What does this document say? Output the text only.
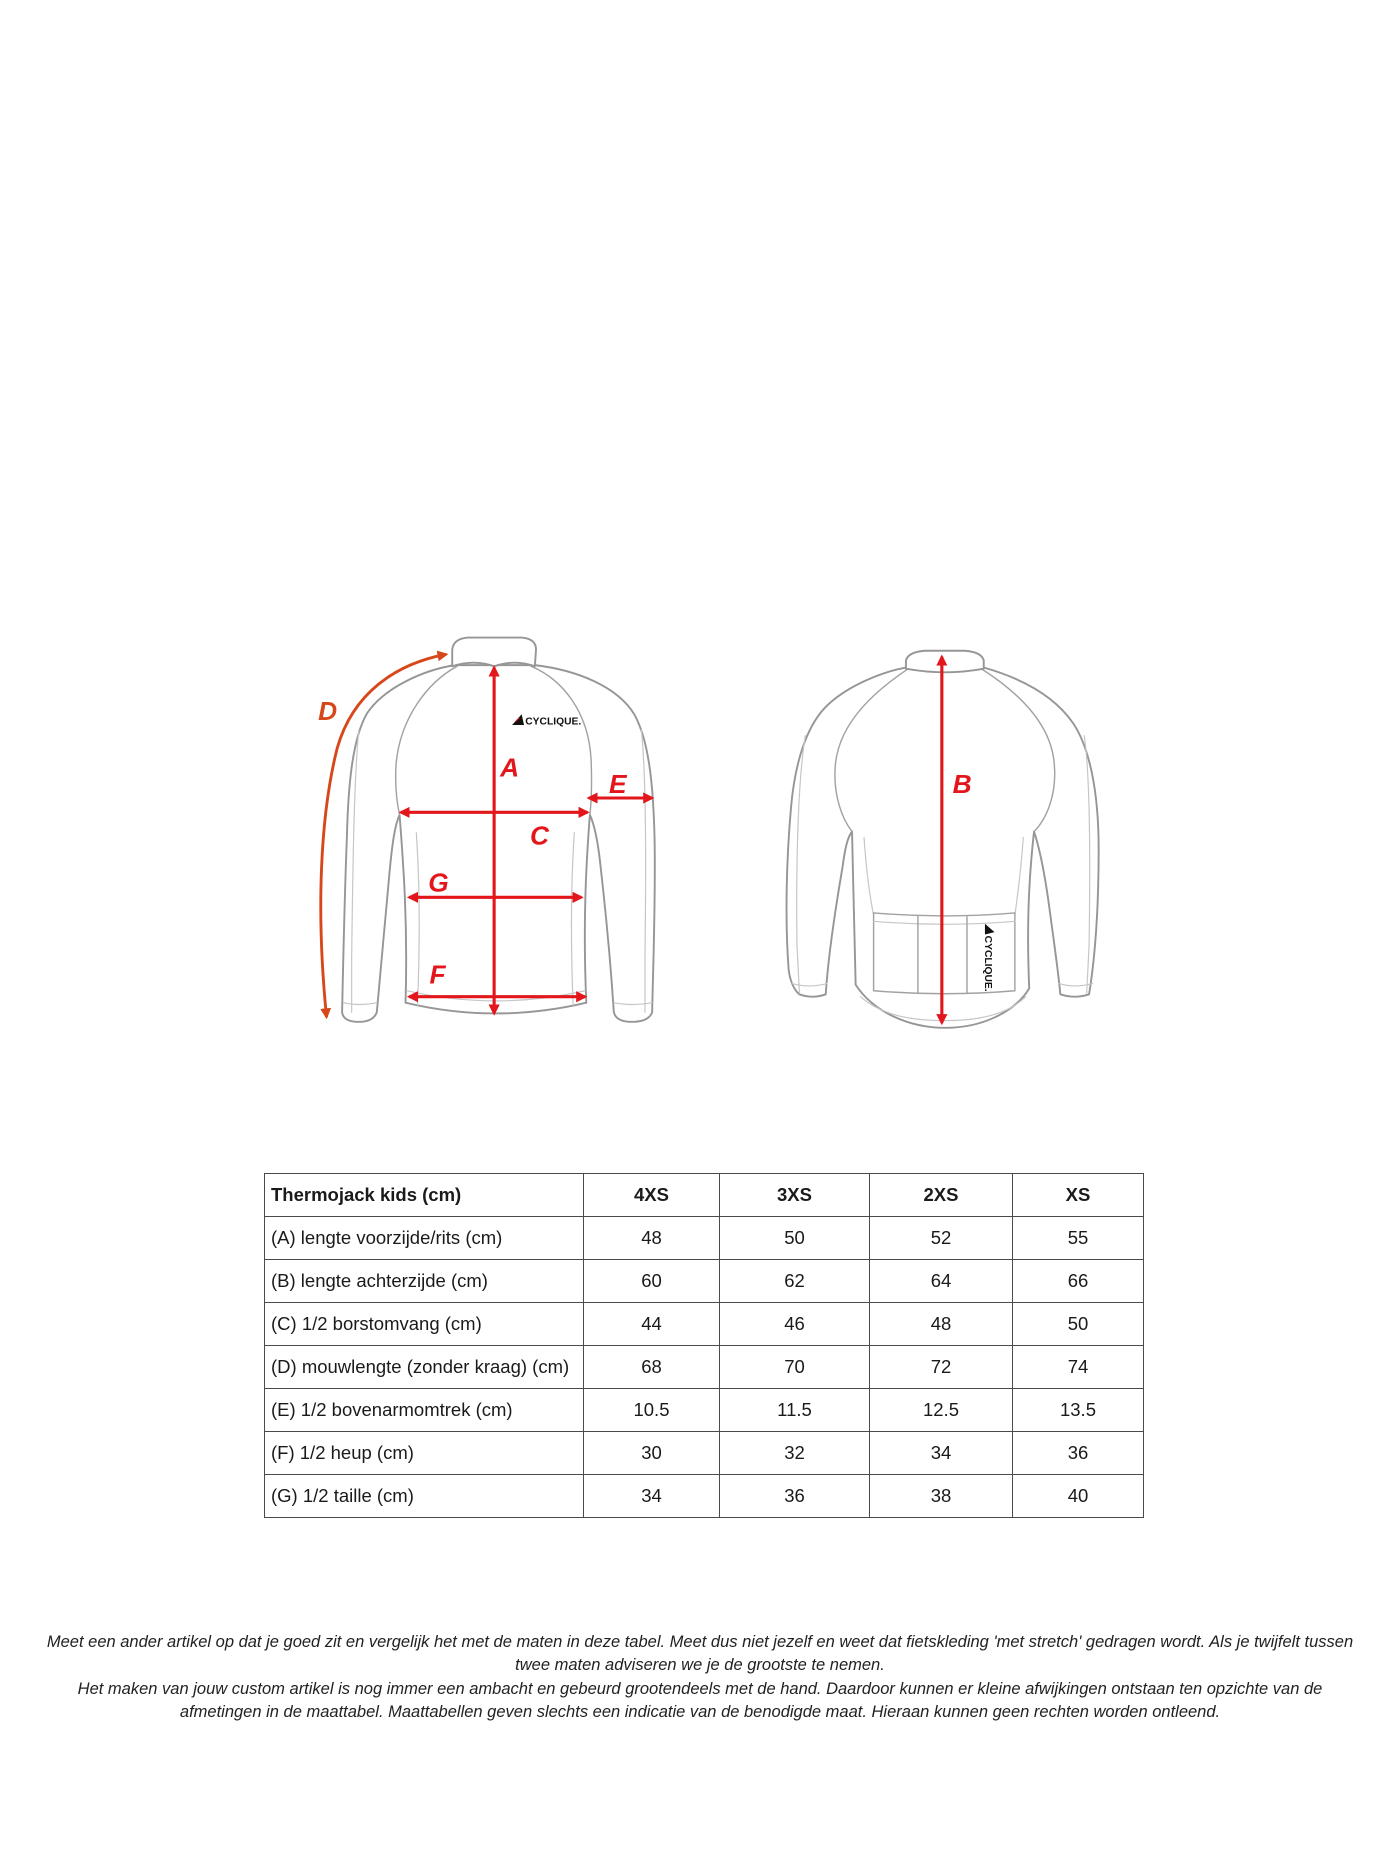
CYCLIQUE.
CYCLIQUE.
D
A
E
C
G
F
B
Thermojack kids (cm)	4XS	3XS	2XS	XS
(A) lengte voorzijde/rits (cm)	48	50	52	55
(B) lengte achterzijde (cm)	60	62	64	66
(C) 1/2 borstomvang (cm)	44	46	48	50
(D) mouwlengte (zonder kraag) (cm)	68	70	72	74
(E) 1/2 bovenarmomtrek (cm)	10.5	11.5	12.5	13.5
(F) 1/2 heup (cm)	30	32	34	36
(G) 1/2 taille (cm)	34	36	38	40

Meet een ander artikel op dat je goed zit en vergelijk het met de maten in deze tabel. Meet dus niet jezelf en weet dat fietskleding 'met stretch' gedragen wordt. Als je twijfelt tussen

twee maten adviseren we je de grootste te nemen.

Het maken van jouw custom artikel is nog immer een ambacht en gebeurd grootendeels met de hand. Daardoor kunnen er kleine afwijkingen ontstaan ten opzichte van de

afmetingen in de maattabel. Maattabellen geven slechts een indicatie van de benodigde maat. Hieraan kunnen geen rechten worden ontleend.
